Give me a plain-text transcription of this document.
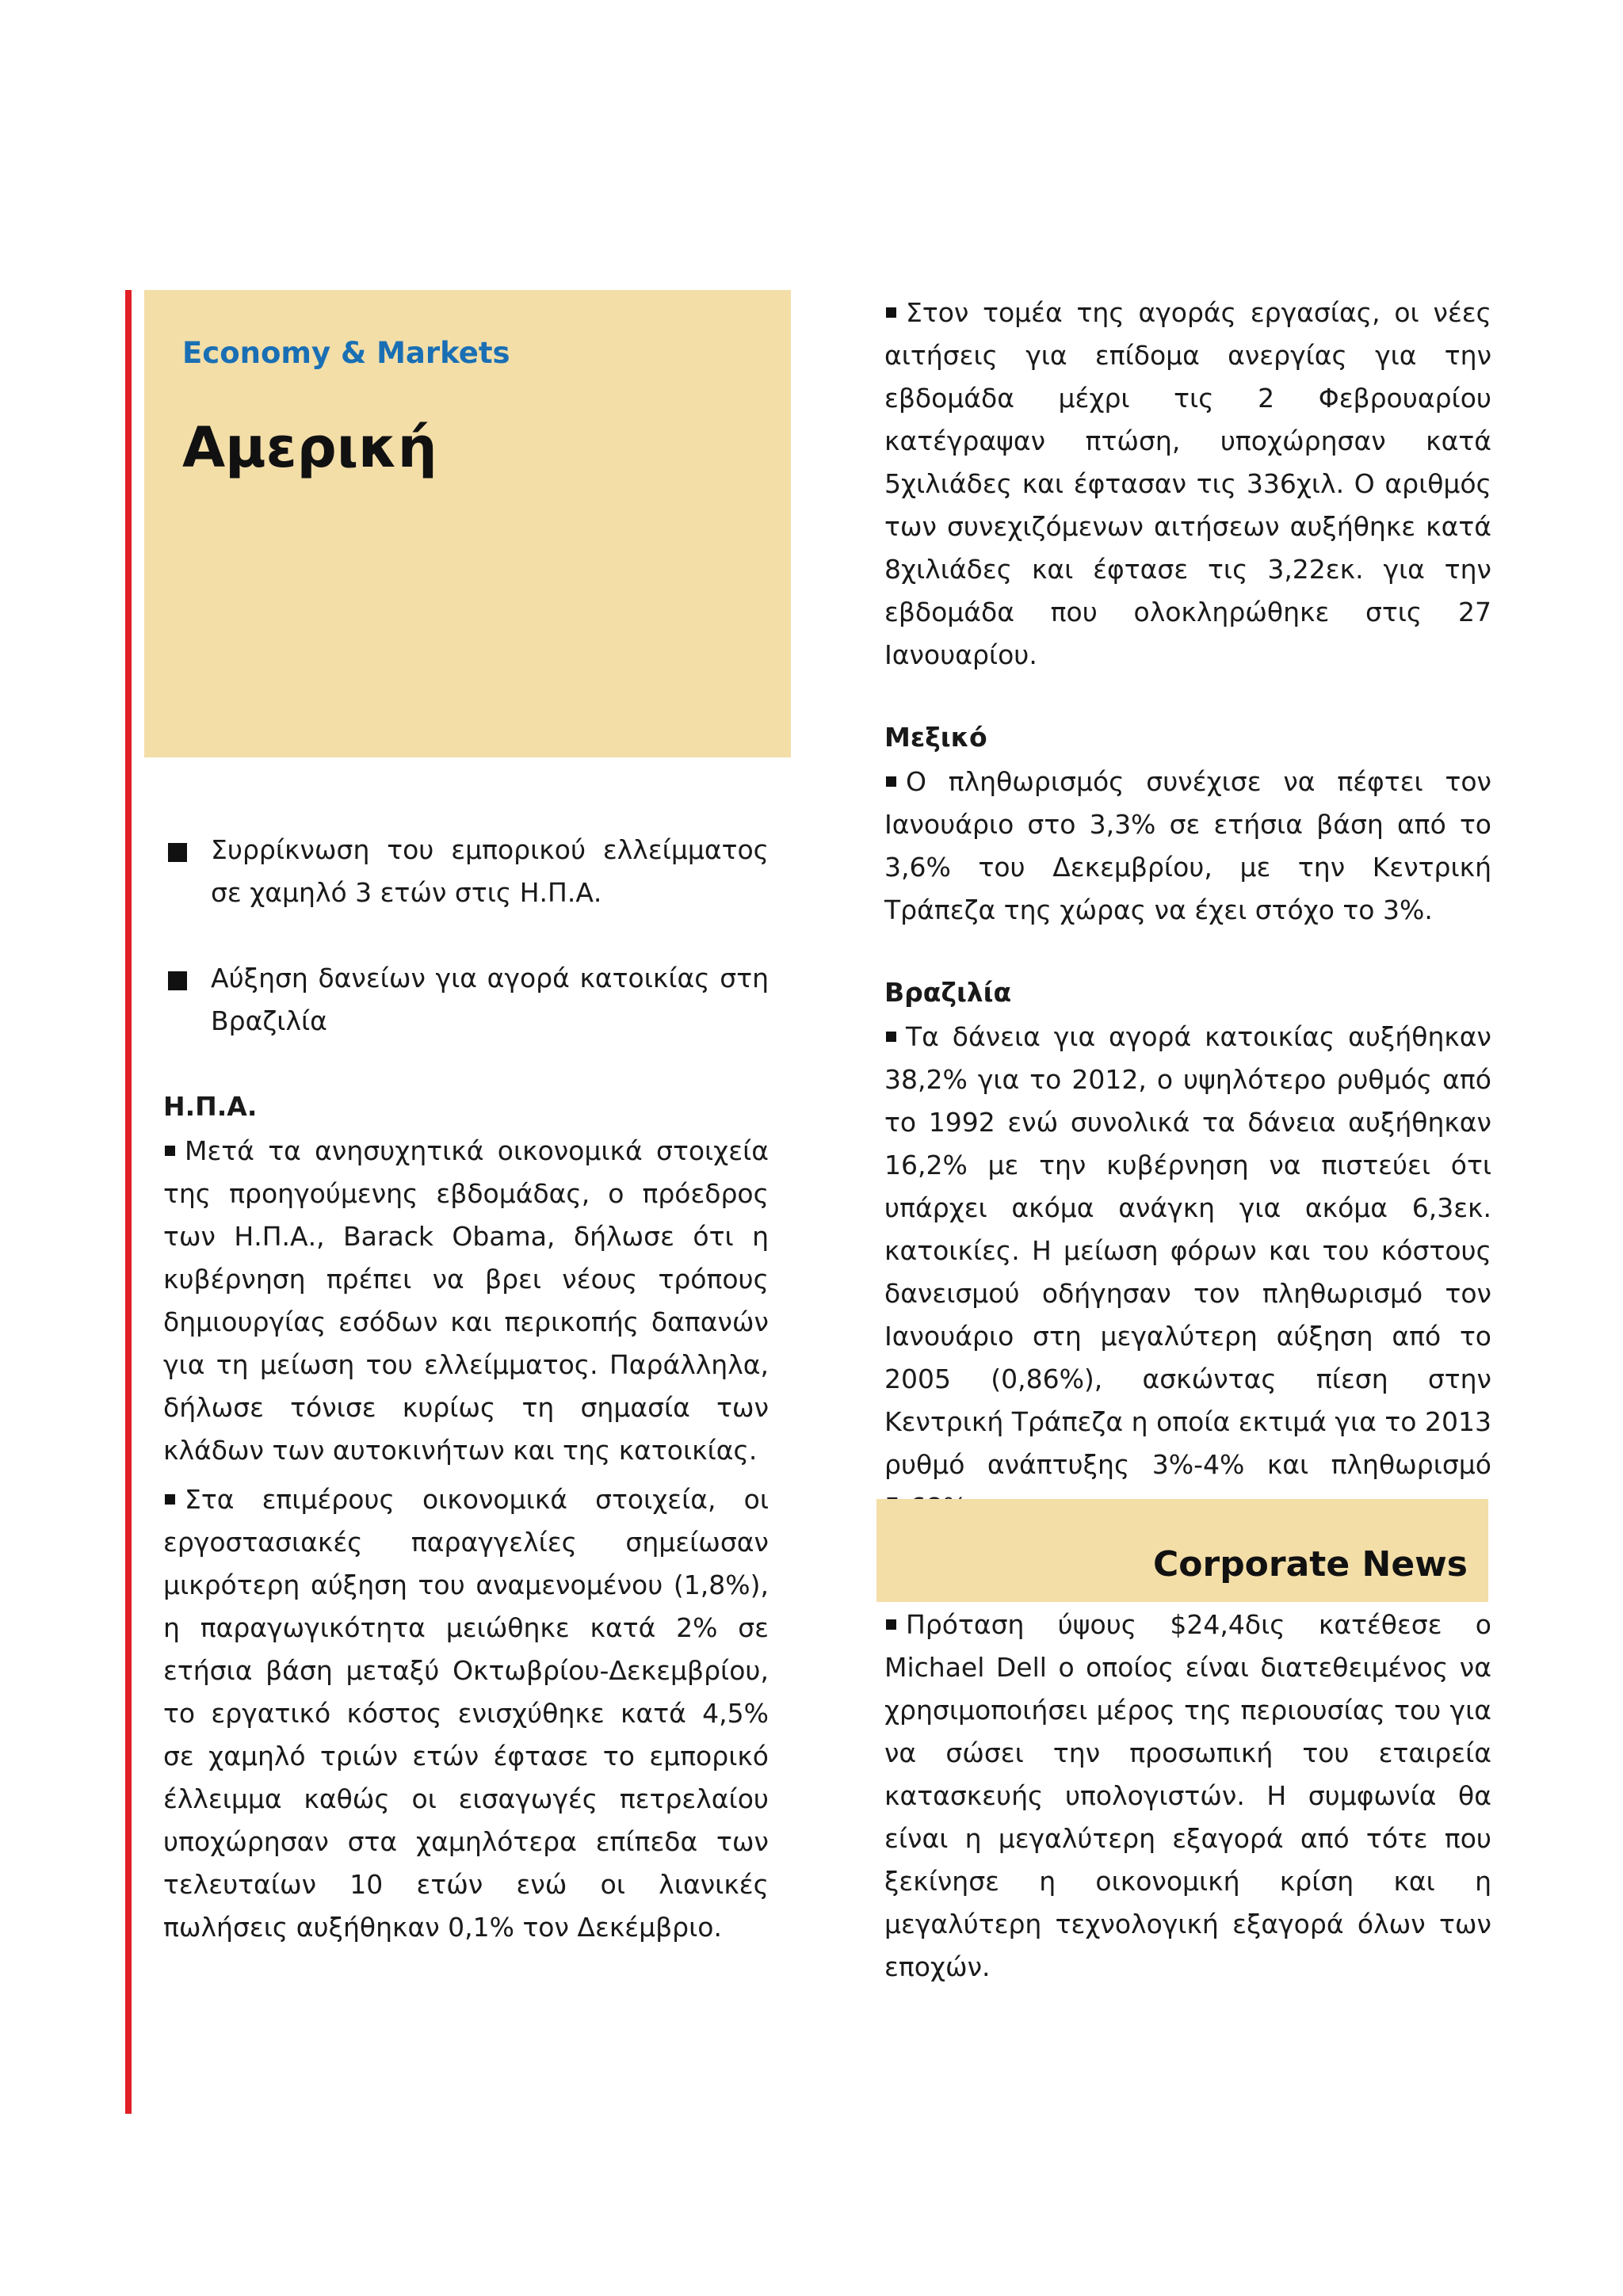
Economy & Markets
Αμερική
Συρρίκνωση του εμπορικού ελλείμματος σε χαμηλό 3 ετών στις Η.Π.Α.
Αύξηση δανείων για αγορά κατοικίας στη Βραζιλία

Η.Π.Α.

Μετά τα ανησυχητικά οικονομικά στοιχεία της προηγούμενης εβδομάδας, ο πρόεδρος των Η.Π.Α., Barack Obama, δήλωσε ότι η κυβέρνηση πρέπει να βρει νέους τρόπους δημιουργίας εσόδων και περικοπής δαπανών για τη μείωση του ελλείμματος. Παράλληλα, δήλωσε τόνισε κυρίως τη σημασία των κλάδων των αυτοκινήτων και της κατοικίας.

Στα επιμέρους οικονομικά στοιχεία, οι εργοστασιακές παραγγελίες σημείωσαν μικρότερη αύξηση του αναμενομένου (1,8%), η παραγωγικότητα μειώθηκε κατά 2% σε ετήσια βάση μεταξύ Οκτωβρίου-Δεκεμβρίου, το εργατικό κόστος ενισχύθηκε κατά 4,5% σε χαμηλό τριών ετών έφτασε το εμπορικό έλλειμμα καθώς οι εισαγωγές πετρελαίου υποχώρησαν στα χαμηλότερα επίπεδα των τελευταίων 10 ετών ενώ οι λιανικές πωλήσεις αυξήθηκαν 0,1% τον Δεκέμβριο.

Στον τομέα της αγοράς εργασίας, οι νέες αιτήσεις για επίδομα ανεργίας για την εβδομάδα μέχρι τις 2 Φεβρουαρίου κατέγραψαν πτώση, υποχώρησαν κατά 5χιλιάδες και έφτασαν τις 336χιλ. Ο αριθμός των συνεχιζόμενων αιτήσεων αυξήθηκε κατά 8χιλιάδες και έφτασε τις 3,22εκ. για την εβδομάδα που ολοκληρώθηκε στις 27 Ιανουαρίου.

Μεξικό

Ο πληθωρισμός συνέχισε να πέφτει τον Ιανουάριο στο 3,3% σε ετήσια βάση από το 3,6% του Δεκεμβρίου, με την Κεντρική Τράπεζα της χώρας να έχει στόχο το 3%.

Βραζιλία

Τα δάνεια για αγορά κατοικίας αυξήθηκαν 38,2% για το 2012, ο υψηλότερο ρυθμός από το 1992 ενώ συνολικά τα δάνεια αυξήθηκαν 16,2% με την κυβέρνηση να πιστεύει ότι υπάρχει ακόμα ανάγκη για ακόμα 6,3εκ. κατοικίες. Η μείωση φόρων και του κόστους δανεισμού οδήγησαν τον πληθωρισμό τον Ιανουάριο στη μεγαλύτερη αύξηση από το 2005 (0,86%), ασκώντας πίεση στην Κεντρική Τράπεζα η οποία εκτιμά για το 2013 ρυθμό ανάπτυξης 3%-4% και πληθωρισμό

Corporate News

Πρόταση ύψους $24,4δις κατέθεσε ο Michael Dell ο οποίος είναι διατεθειμένος να χρησιμοποιήσει μέρος της περιουσίας του για να σώσει την προσωπική του εταιρεία κατασκευής υπολογιστών. Η συμφωνία θα είναι η μεγαλύτερη εξαγορά από τότε που ξεκίνησε η οικονομική κρίση και η μεγαλύτερη τεχνολογική εξαγορά όλων των εποχών.
